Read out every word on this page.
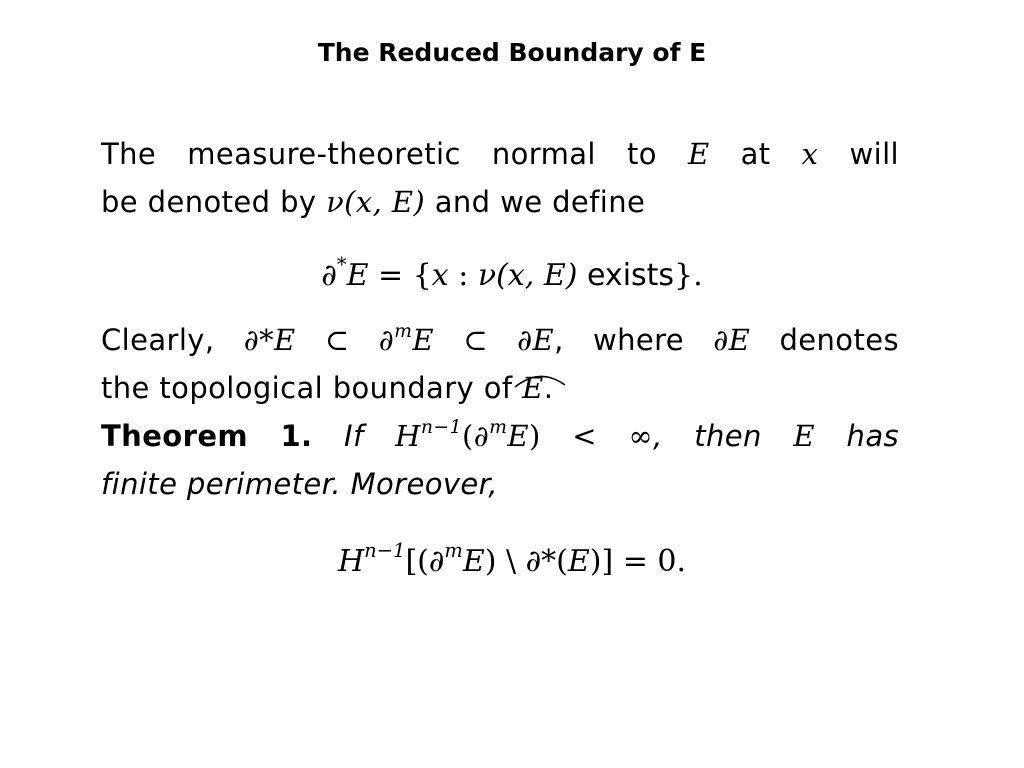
The Reduced Boundary of E
The measure-theoretic normal to E at x will
be denoted by ν(x, E) and we define
∂*E = {x : ν(x, E) exists}.
Clearly, ∂*E ⊂ ∂$^m$E ⊂ ∂E, where ∂E denotes
the topological boundary of E.
Theorem 1. If $H^{n-1}(\partial^mE)$ < ∞, then E has
finite perimeter. Moreover,
$H^{n-1}[(\partial^mE)$ \ ∂*(E)] = 0.
